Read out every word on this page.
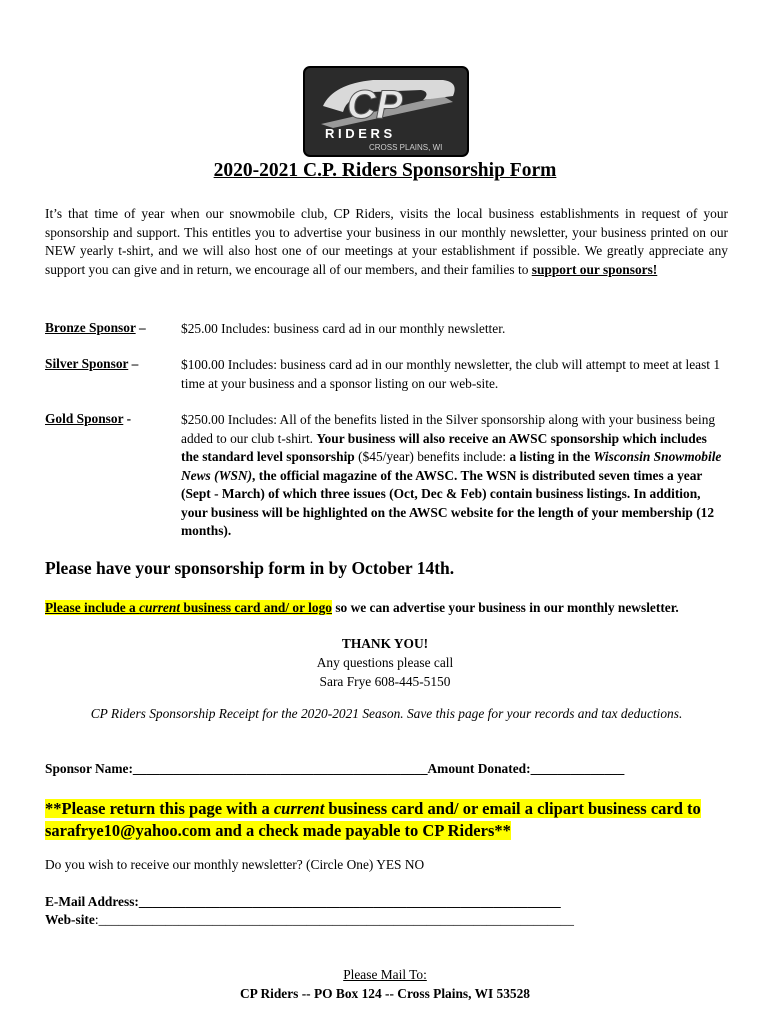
CP
R I D E R S
CROSS PLAINS, WI
2020-2021 C.P. Riders Sponsorship Form
It’s that time of year when our snowmobile club, CP Riders, visits the local business establishments in request of your sponsorship and support. This entitles you to advertise your business in our monthly newsletter, your business printed on our NEW yearly t-shirt, and we will also host one of our meetings at your establishment if possible. We greatly appreciate any support you can give and in return, we encourage all of our members, and their families to support our sponsors!
Bronze Sponsor –	$25.00 Includes: business card ad in our monthly newsletter.
Silver Sponsor –	$100.00 Includes: business card ad in our monthly newsletter, the club will attempt to meet at least 1 time at your business and a sponsor listing on our web-site.
Gold Sponsor -	$250.00 Includes: All of the benefits listed in the Silver sponsorship along with your business being added to our club t-shirt. Your business will also receive an AWSC sponsorship which includes the standard level sponsorship ($45/year) benefits include: a listing in the Wisconsin Snowmobile News (WSN), the official magazine of the AWSC. The WSN is distributed seven times a year (Sept - March) of which three issues (Oct, Dec & Feb) contain business listings. In addition, your business will be highlighted on the AWSC website for the length of your membership (12 months).
Please have your sponsorship form in by October 14th.
Please include a current business card and/ or logo so we can advertise your business in our monthly newsletter.
THANK YOU!
Any questions please call
Sara Frye 608-445-5150
CP Riders Sponsorship Receipt for the 2020-2021 Season. Save this page for your records and tax deductions.
Sponsor Name:____________________________________________Amount Donated:______________
**Please return this page with a current business card and/ or email a clipart business card to sarafrye10@yahoo.com and a check made payable to CP Riders**
Do you wish to receive our monthly newsletter? (Circle One) YES NO
E-Mail Address:_______________________________________________________________
Web-site:_______________________________________________________________________
Please Mail To:
CP Riders -- PO Box 124 -- Cross Plains, WI 53528
